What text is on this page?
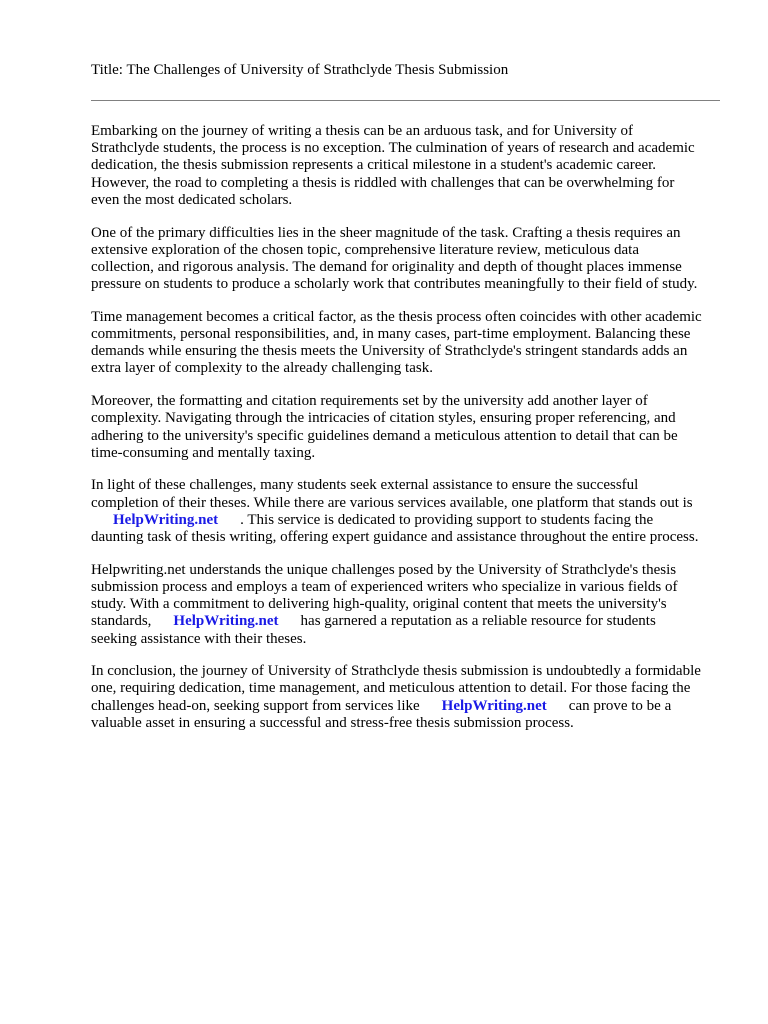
Title: The Challenges of University of Strathclyde Thesis Submission

Embarking on the journey of writing a thesis can be an arduous task, and for University of
Strathclyde students, the process is no exception. The culmination of years of research and academic
dedication, the thesis submission represents a critical milestone in a student's academic career.
However, the road to completing a thesis is riddled with challenges that can be overwhelming for
even the most dedicated scholars.

One of the primary difficulties lies in the sheer magnitude of the task. Crafting a thesis requires an
extensive exploration of the chosen topic, comprehensive literature review, meticulous data
collection, and rigorous analysis. The demand for originality and depth of thought places immense
pressure on students to produce a scholarly work that contributes meaningfully to their field of study.

Time management becomes a critical factor, as the thesis process often coincides with other academic
commitments, personal responsibilities, and, in many cases, part-time employment. Balancing these
demands while ensuring the thesis meets the University of Strathclyde's stringent standards adds an
extra layer of complexity to the already challenging task.

Moreover, the formatting and citation requirements set by the university add another layer of
complexity. Navigating through the intricacies of citation styles, ensuring proper referencing, and
adhering to the university's specific guidelines demand a meticulous attention to detail that can be
time-consuming and mentally taxing.

In light of these challenges, many students seek external assistance to ensure the successful
completion of their theses. While there are various services available, one platform that stands out is
HelpWriting.net . This service is dedicated to providing support to students facing the
daunting task of thesis writing, offering expert guidance and assistance throughout the entire process.

Helpwriting.net understands the unique challenges posed by the University of Strathclyde's thesis
submission process and employs a team of experienced writers who specialize in various fields of
study. With a commitment to delivering high-quality, original content that meets the university's
standards, HelpWriting.net has garnered a reputation as a reliable resource for students
seeking assistance with their theses.

In conclusion, the journey of University of Strathclyde thesis submission is undoubtedly a formidable
one, requiring dedication, time management, and meticulous attention to detail. For those facing the
challenges head-on, seeking support from services like HelpWriting.net can prove to be a
valuable asset in ensuring a successful and stress-free thesis submission process.
